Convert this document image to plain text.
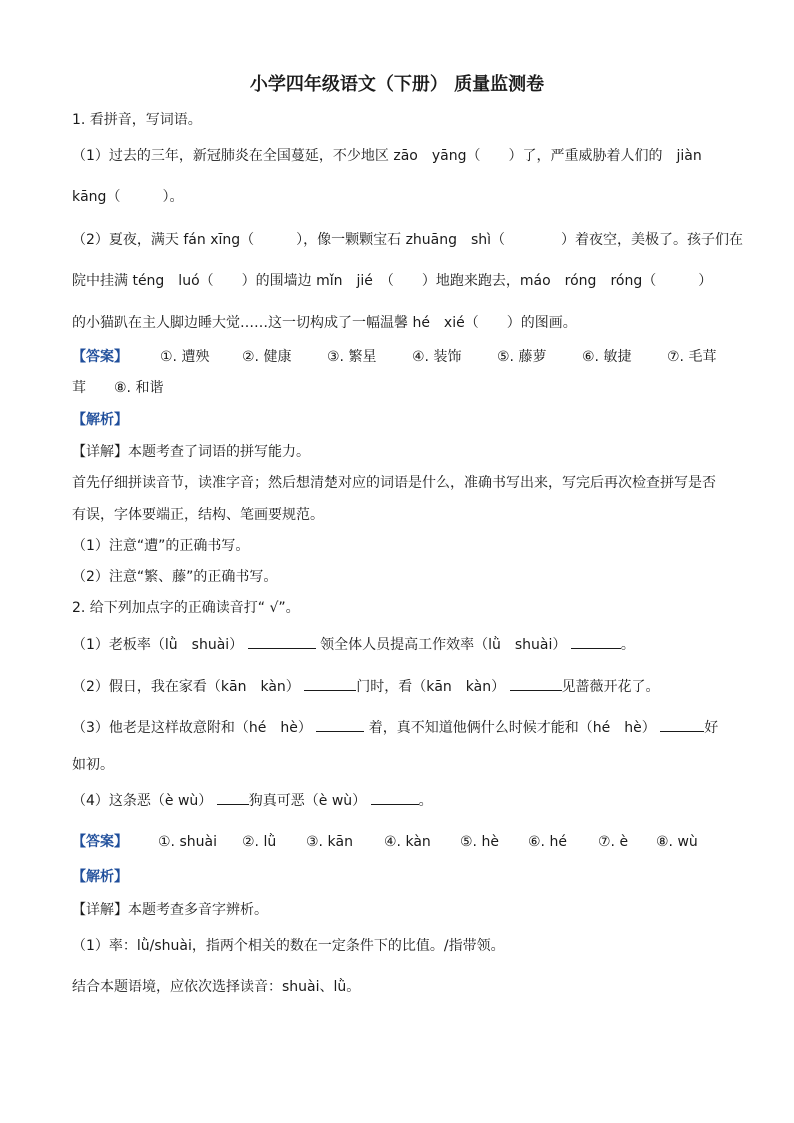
小学四年级语文（下册） 质量监测卷
1. 看拼音，写词语。
（1）过去的三年，新冠肺炎在全国蔓延，不少地区 zāo　yāng（　　）了，严重威胁着人们的　jiàn
kāng（　　　）。
（2）夏夜，满天 fán xīng（　　　），像一颗颗宝石 zhuāng　shì（　　　　）着夜空，美极了。孩子们在
院中挂满 téng　luó（　　）的围墙边 mǐn　jié　（　　）地跑来跑去，máo　róng　róng（　　　）
的小猫趴在主人脚边睡大觉……这一切构成了一幅温馨 hé　xié（　　）的图画。
【答案】 ①. 遭殃 ②. 健康	③. 繁星	④. 装饰	⑤. 藤萝	⑥. 敏捷	⑦. 毛茸
茸 ⑧. 和谐
【解析】
【详解】本题考查了词语的拼写能力。
首先仔细拼读音节，读准字音；然后想清楚对应的词语是什么，准确书写出来，写完后再次检查拼写是否
有误，字体要端正，结构、笔画要规范。
（1）注意“遭”的正确书写。
（2）注意“繁、藤”的正确书写。
2. 给下列加点字的正确读音打“ √”。
（1）老板率（lǜ　shuài）	领全体人员提高工作效率（lǜ　shuài）	。
（2）假日，我在家看（kān　kàn）	门时，看（kān　kàn）	见蔷薇开花了。
（3）他老是这样故意附和（hé　hè）	着，真不知道他俩什么时候才能和（hé　hè）	好
如初。
（4）这条恶（è wù）	狗真可恶（è wù）	。
【答案】 ①. shuài ②. lǜ ③. kān ④. kàn ⑤. hè ⑥. hé ⑦. è ⑧. wù
【解析】
【详解】本题考查多音字辨析。
（1）率：lǜ/shuài，指两个相关的数在一定条件下的比值。/指带领。
结合本题语境，应依次选择读音：shuài、lǜ。
